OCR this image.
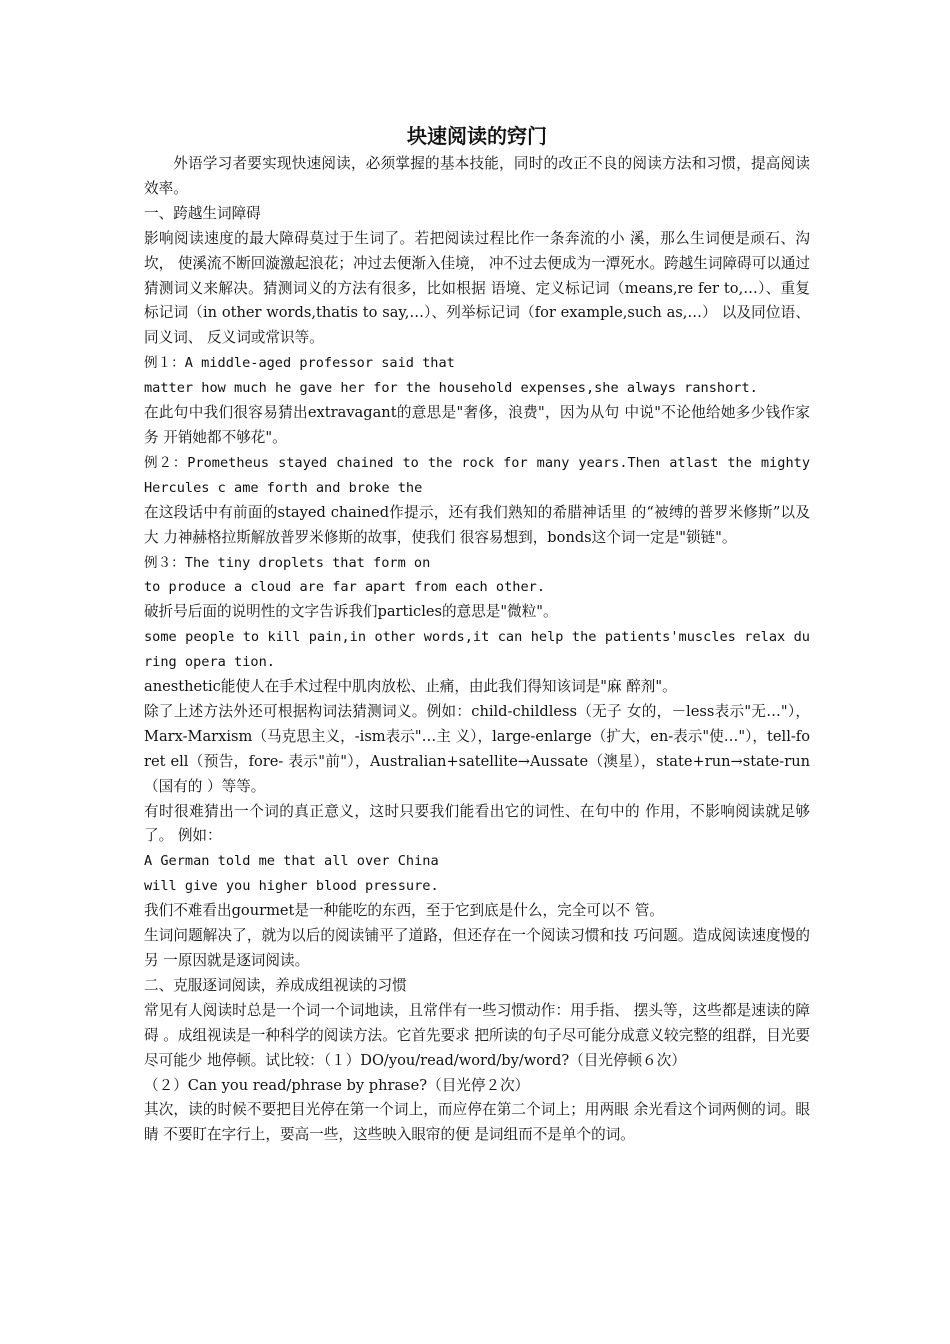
块速阅读的窍门

外语学习者要实现快速阅读，必须掌握的基本技能，同时的改正不良的阅读方法和习惯，提高阅读效率。

一、跨越生词障碍

影响阅读速度的最大障碍莫过于生词了。若把阅读过程比作一条奔流的小 溪，那么生词便是顽石、沟坎， 使溪流不断回漩激起浪花；冲过去便渐入佳境， 冲不过去便成为一潭死水。跨越生词障碍可以通过猜测词义来解决。猜测词义的方法有很多，比如根据 语境、定义标记词（means,re fer to,…）、重复标记词（in other words,thatis to say,…）、列举标记词（for example,such as,…） 以及同位语、同义词、 反义词或常识等。

例１：A middle-aged professor said that

matter how much he gave her for the household expenses,she always ranshort.

在此句中我们很容易猜出extravagant的意思是"奢侈，浪费"，因为从句 中说"不论他给她多少钱作家务 开销她都不够花"。

例２：Prometheus stayed chained to the rock for many years.Then atlast the mighty Hercules c ame forth and broke the

在这段话中有前面的stayed chained作提示，还有我们熟知的希腊神话里 的“被缚的普罗米修斯”以及大 力神赫格拉斯解放普罗米修斯的故事，使我们 很容易想到，bonds这个词一定是"锁链"。

例３：The tiny droplets that form on

to produce a cloud are far apart from each other.

破折号后面的说明性的文字告诉我们particles的意思是"微粒"。

some people to kill pain,in other words,it can help the patients'muscles relax during opera tion.

anesthetic能使人在手术过程中肌肉放松、止痛，由此我们得知该词是"麻 醉剂"。

除了上述方法外还可根据构词法猜测词义。例如：child-childless（无子 女的，－less表示"无…"），Marx-Marxism（马克思主义，-ism表示"…主 义），large-enlarge（扩大，en-表示"使…"），tell-foret ell（预告，fore- 表示"前"），Australian+satellite→Aussate（澳星），state+run→state-run （国有的 ）等等。

有时很难猜出一个词的真正意义，这时只要我们能看出它的词性、在句中的 作用，不影响阅读就足够了。 例如：

A German told me that all over China

will give you higher blood pressure.

我们不难看出gourmet是一种能吃的东西，至于它到底是什么，完全可以不 管。

生词问题解决了，就为以后的阅读铺平了道路，但还存在一个阅读习惯和技 巧问题。造成阅读速度慢的另 一原因就是逐词阅读。

二、克服逐词阅读，养成成组视读的习惯

常见有人阅读时总是一个词一个词地读，且常伴有一些习惯动作：用手指、 摆头等，这些都是速读的障碍 。成组视读是一种科学的阅读方法。它首先要求 把所读的句子尽可能分成意义较完整的组群，目光要尽可能少 地停顿。试比较：（１）DO/you/read/word/by/word?（目光停顿６次）

（２）Can you read/phrase by phrase?（目光停２次）

其次，读的时候不要把目光停在第一个词上，而应停在第二个词上；用两眼 余光看这个词两侧的词。眼睛 不要盯在字行上，要高一些，这些映入眼帘的便 是词组而不是单个的词。
